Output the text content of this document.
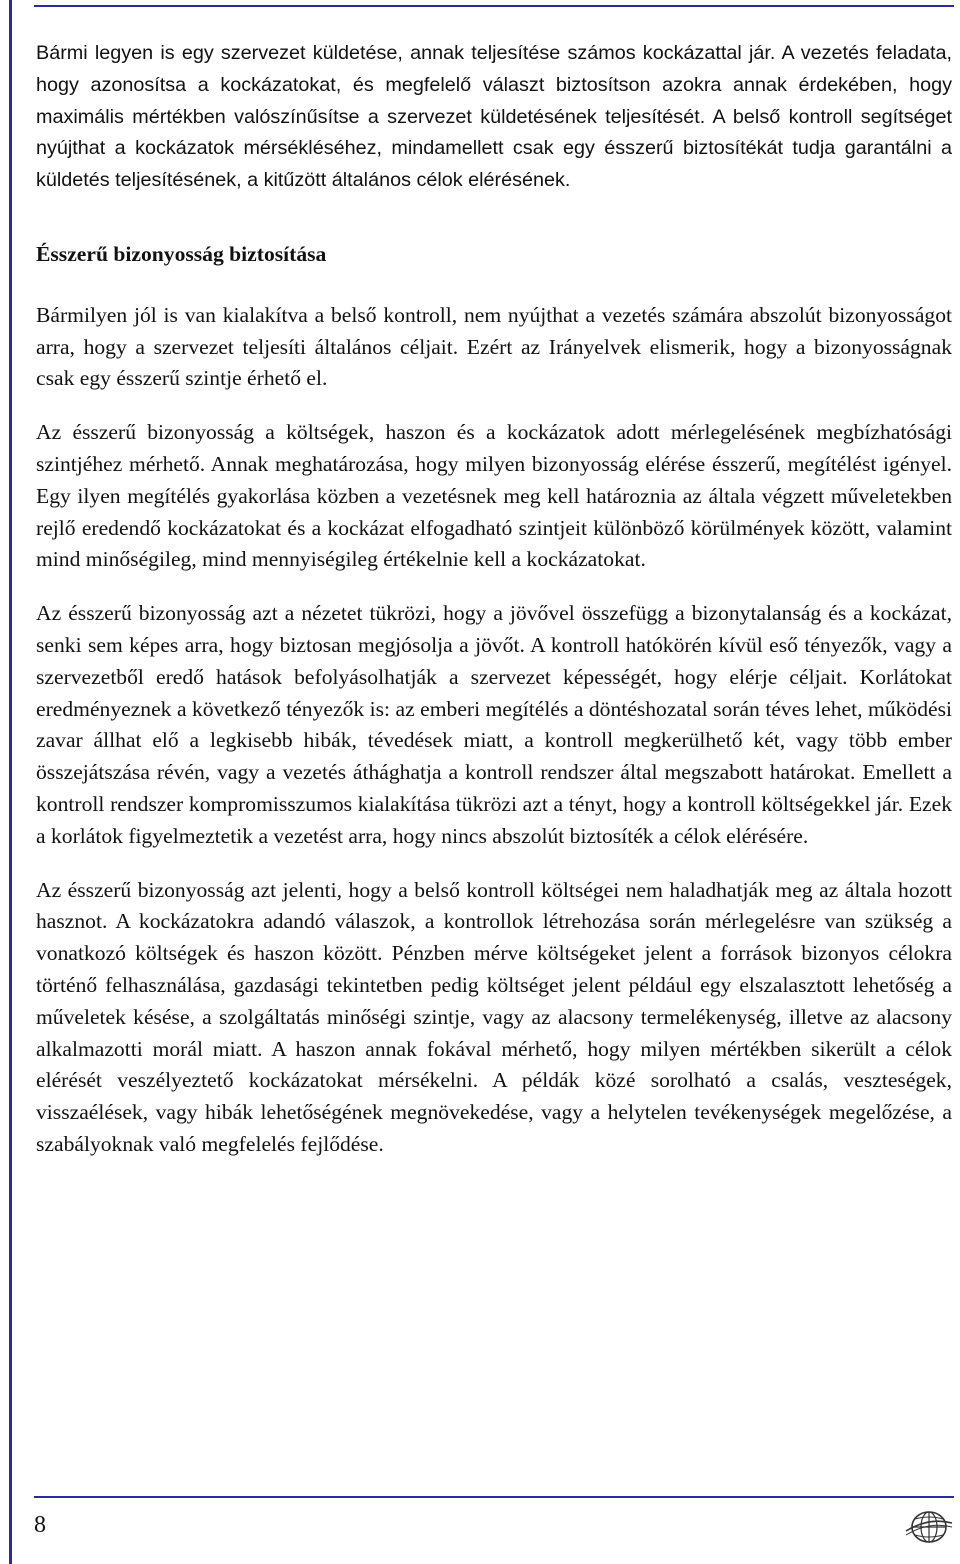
Bármi legyen is egy szervezet küldetése, annak teljesítése számos kockázattal jár. A vezetés feladata, hogy azonosítsa a kockázatokat, és megfelelő választ biztosítson azokra annak érdekében, hogy maximális mértékben valószínűsítse a szervezet küldetésének teljesítését. A belső kontroll segítséget nyújthat a kockázatok mérsékléséhez, mindamellett csak egy ésszerű biztosítékát tudja garantálni a küldetés teljesítésének, a kitűzött általános célok elérésének.

Ésszerű bizonyosság biztosítása

Bármilyen jól is van kialakítva a belső kontroll, nem nyújthat a vezetés számára abszolút bizonyosságot arra, hogy a szervezet teljesíti általános céljait. Ezért az Irányelvek elismerik, hogy a bizonyosságnak csak egy ésszerű szintje érhető el.

Az ésszerű bizonyosság a költségek, haszon és a kockázatok adott mérlegelésének megbízhatósági szintjéhez mérhető. Annak meghatározása, hogy milyen bizonyosság elérése ésszerű, megítélést igényel. Egy ilyen megítélés gyakorlása közben a vezetésnek meg kell határoznia az általa végzett műveletekben rejlő eredendő kockázatokat és a kockázat elfogadható szintjeit különböző körülmények között, valamint mind minőségileg, mind mennyiségileg értékelnie kell a kockázatokat.

Az ésszerű bizonyosság azt a nézetet tükrözi, hogy a jövővel összefügg a bizonytalanság és a kockázat, senki sem képes arra, hogy biztosan megjósolja a jövőt. A kontroll hatókörén kívül eső tényezők, vagy a szervezetből eredő hatások befolyásolhatják a szervezet képességét, hogy elérje céljait. Korlátokat eredményeznek a következő tényezők is: az emberi megítélés a döntéshozatal során téves lehet, működési zavar állhat elő a legkisebb hibák, tévedések miatt, a kontroll megkerülhető két, vagy több ember összejátszása révén, vagy a vezetés áthághatja a kontroll rendszer által megszabott határokat. Emellett a kontroll rendszer kompromisszumos kialakítása tükrözi azt a tényt, hogy a kontroll költségekkel jár. Ezek a korlátok figyelmeztetik a vezetést arra, hogy nincs abszolút biztosíték a célok elérésére.

Az ésszerű bizonyosság azt jelenti, hogy a belső kontroll költségei nem haladhatják meg az általa hozott hasznot. A kockázatokra adandó válaszok, a kontrollok létrehozása során mérlegelésre van szükség a vonatkozó költségek és haszon között. Pénzben mérve költségeket jelent a források bizonyos célokra történő felhasználása, gazdasági tekintetben pedig költséget jelent például egy elszalasztott lehetőség a műveletek késése, a szolgáltatás minőségi szintje, vagy az alacsony termelékenység, illetve az alacsony alkalmazotti morál miatt. A haszon annak fokával mérhető, hogy milyen mértékben sikerült a célok elérését veszélyeztető kockázatokat mérsékelni. A példák közé sorolható a csalás, veszteségek, visszaélések, vagy hibák lehetőségének megnövekedése, vagy a helytelen tevékenységek megelőzése, a szabályoknak való megfelelés fejlődése.

8
